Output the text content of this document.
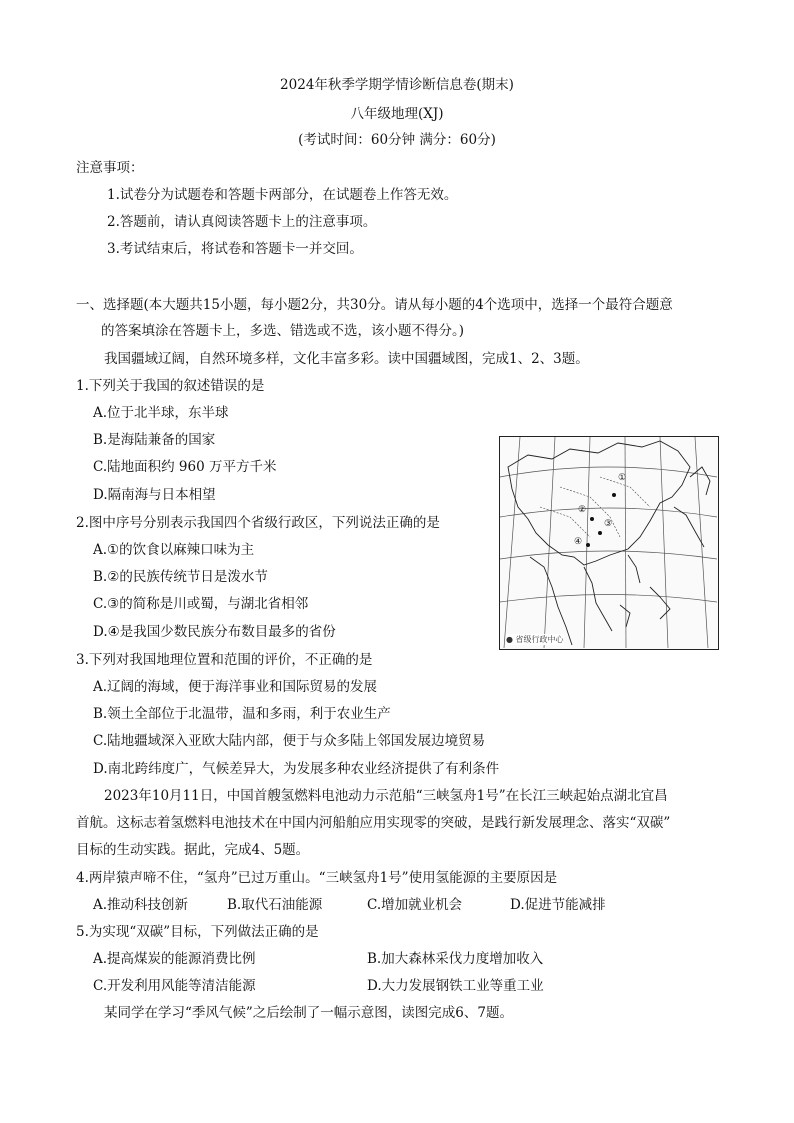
2024年秋季学期学情诊断信息卷(期末)
八年级地理(XJ)
(考试时间：60分钟 满分：60分)
注意事项：
1.试卷分为试题卷和答题卡两部分，在试题卷上作答无效。
2.答题前，请认真阅读答题卡上的注意事项。
3.考试结束后，将试卷和答题卡一并交回。
一、选择题(本大题共15小题，每小题2分，共30分。请从每小题的4个选项中，选择一个最符合题意
的答案填涂在答题卡上，多选、错选或不选，该小题不得分。)
我国疆域辽阔，自然环境多样，文化丰富多彩。读中国疆域图，完成1、2、3题。
1.下列关于我国的叙述错误的是
A.位于北半球，东半球
B.是海陆兼备的国家
C.陆地面积约 960 万平方千米
D.隔南海与日本相望
2.图中序号分别表示我国四个省级行政区，下列说法正确的是
A.①的饮食以麻辣口味为主
B.②的民族传统节日是泼水节
C.③的简称是川或蜀，与湖北省相邻
D.④是我国少数民族分布数目最多的省份
①
②
③
④
● 省级行政中心
3.下列对我国地理位置和范围的评价，不正确的是
A.辽阔的海域，便于海洋事业和国际贸易的发展
B.领土全部位于北温带，温和多雨，利于农业生产
C.陆地疆域深入亚欧大陆内部，便于与众多陆上邻国发展边境贸易
D.南北跨纬度广，气候差异大，为发展多种农业经济提供了有利条件
2023年10月11日，中国首艘氢燃料电池动力示范船“三峡氢舟1号”在长江三峡起始点湖北宜昌
首航。这标志着氢燃料电池技术在中国内河船舶应用实现零的突破，是践行新发展理念、落实“双碳”
目标的生动实践。据此，完成4、5题。
4.两岸猿声啼不住，“氢舟”已过万重山。“三峡氢舟1号”使用氢能源的主要原因是
A.推动科技创新	B.取代石油能源	C.增加就业机会	D.促进节能减排
5.为实现“双碳”目标，下列做法正确的是
A.提高煤炭的能源消费比例	B.加大森林采伐力度增加收入
C.开发利用风能等清洁能源	D.大力发展钢铁工业等重工业
某同学在学习“季风气候”之后绘制了一幅示意图，读图完成6、7题。
